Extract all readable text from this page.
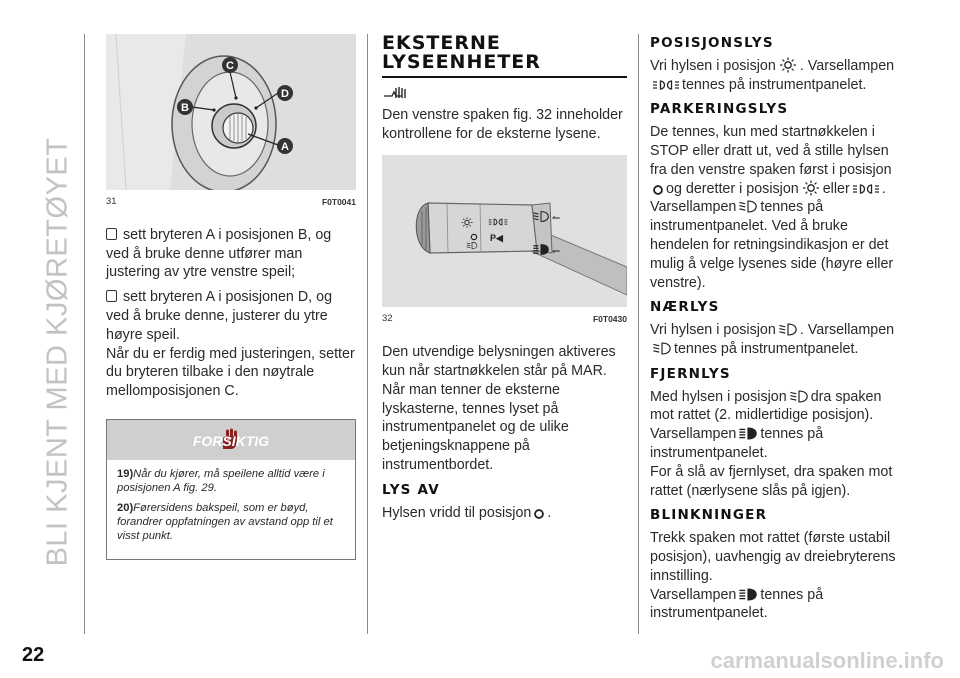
BLI KJENT MED KJØRETØYET
C
B
D
A
31	F0T0041

sett bryteren A i posisjonen B, og ved å bruke denne utfører man justering av ytre venstre speil;

sett bryteren A i posisjonen D, og ved å bruke denne, justerer du ytre høyre speil.

Når du er ferdig med justeringen, setter du bryteren tilbake i den nøytrale mellomposisjonen C.

FORSIKTIG

19)Når du kjører, må speilene alltid være i posisjonen A fig. 29.

20)Førersidens bakspeil, som er bøyd, forandrer oppfatningen av avstand opp til et visst punkt.

EKSTERNE
LYSEENHETER

Den venstre spaken fig. 32 inneholder kontrollene for de eksterne lysene.

P◀
↼
↽
32	F0T0430

Den utvendige belysningen aktiveres kun når startnøkkelen står på MAR.

Når man tenner de eksterne lyskasterne, tennes lyset på instrumentpanelet og de ulike betjeningsknappene på instrumentbordet.

LYS AV

Hylsen vridd til posisjon .

POSISJONSLYS

Vri hylsen i posisjon . Varsellampen
tennes på instrumentpanelet.

PARKERINGSLYS

De tennes, kun med startnøkkelen i STOP eller dratt ut, ved å stille hylsen fra den venstre spaken først i posisjon
og deretter i posisjon eller .
Varsellampen tennes på instrumentpanelet. Ved å bruke hendelen for retningsindikasjon er det mulig å velge lysenes side (høyre eller venstre).

NÆRLYS

Vri hylsen i posisjon . Varsellampen
tennes på instrumentpanelet.

FJERNLYS

Med hylsen i posisjon dra spaken mot rattet (2. midlertidige posisjon).
Varsellampen tennes på instrumentpanelet.
For å slå av fjernlyset, dra spaken mot rattet (nærlysene slås på igjen).

BLINKNINGER

Trekk spaken mot rattet (første ustabil posisjon), uavhengig av dreiebryterens innstilling.
Varsellampen tennes på instrumentpanelet.

22	carmanualsonline.info
